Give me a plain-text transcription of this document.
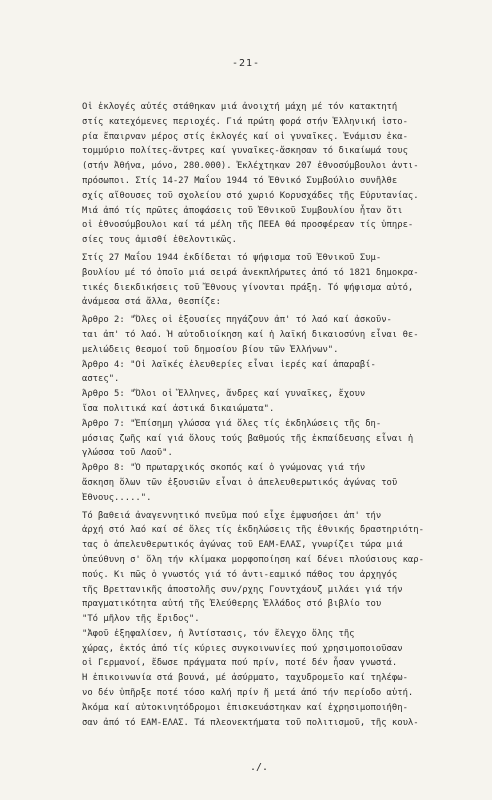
-21-
Οἱ ἐκλογές αὐτές στάθηκαν μιά ἀνοιχτή μάχη μέ τόν κατακτητή
στίς κατεχόμενες περιοχές. Γιά πρώτη φορά στήν Ἑλληνική ἱστο-
ρία ἔπαιρναν μέρος στίς ἐκλογές καί οἱ γυναῖκες. Ἑνάμισυ ἑκα-
τομμύριο πολίτες-ἄντρες καί γυναῖκες-ἄσκησαν τό δικαίωμά τους
(στήν Ἀθήνα, μόνο, 280.000). Ἐκλέχτηκαν 207 ἐθνοσύμβουλοι ἀντι-
πρόσωποι. Στίς 14-27 Μαΐου 1944 τό Ἐθνικό Συμβούλιο συνῆλθε
σχίς αἴθουσες τοῦ σχολείου στό χωριό Κορυσχάδες τῆς Εὐρυτανίας.
Μιά ἀπό τίς πρῶτες ἀποφάσεις τοῦ Ἐθνικοῦ Συμβουλίου ἦταν ὅτι
οἱ ἐθνοσύμβουλοι καί τά μέλη τῆς ΠΕΕΑ θά προσφέρεαν τίς ὑπηρε-
σίες τους ἀμισθί ἐθελοντικῶς.
Στίς 27 Μαΐου 1944 ἐκδίδεται τό ψήφισμα τοῦ Ἐθνικοῦ Συμ-
βουλίου μέ τό ὁποῖο μιά σειρά ἀνεκπλήρωτες ἀπό τό 1821 δημοκρα-
τικές διεκδικήσεις τοῦ Ἔθνους γίνονται πράξη. Τό ψήφισμα αὐτό,
ἀνάμεσα στά ἄλλα, θεσπίζε:
Ἄρθρο 2: "Ὅλες οἱ ἐξουσίες πηγάζουν ἀπ' τό λαό καί ἀσκοῦν-
ται ἀπ' τό λαό. Ἡ αὐτοδιοίκηση καί ἡ λαϊκή δικαιοσύνη εἶναι θε-
μελιώδεις θεσμοί τοῦ δημοσίου βίου τῶν Ἑλλήνων".
Ἄρθρο 4: "Οἱ λαϊκές ἐλευθερίες εἶναι ἱερές καί ἀπαραβί-
αστες".
Ἄρθρο 5: "Ὅλοι οἱ Ἕλληνες, ἄνδρες καί γυναῖκες, ἔχουν
ἴσα πολιτικά καί ἀστικά δικαιώματα".
Ἄρθρο 7: "Ἐπίσημη γλώσσα γιά ὅλες τίς ἐκδηλώσεις τῆς δη-
μόσιας ζωῆς καί γιά ὅλους τούς βαθμούς τῆς ἐκπαίδευσης εἶναι ἡ
γλώσσα τοῦ Λαοῦ".
Ἄρθρο 8: "Ὁ πρωταρχικός σκοπός καί ὁ γνώμονας γιά τήν
ἄσκηση ὅλων τῶν ἐξουσιῶν εἶναι ὁ ἀπελευθερωτικός ἀγώνας τοῦ
Ἔθνους.....".
Τό βαθειά ἀναγεννητικό πνεῦμα πού εἶχε ἐμφυσήσει ἀπ' τήν
ἀρχή στό λαό καί σέ ὅλες τίς ἐκδηλώσεις τῆς ἐθνικής δραστηριότη-
τας ὁ ἀπελευθερωτικός ἀγώνας τοῦ ΕΑΜ-ΕΛΑΣ, γνωρίζει τώρα μιά
ὑπεύθυνη σ' ὅλη τήν κλίμακα μορφοποίηση καί δένει πλούσιους καρ-
πούς. Κι πῶς ὁ γνωστός γιά τό ἀντι-εαμικό πάθος του ἀρχηγός
τῆς Βρεττανικῆς ἀποστολῆς συν/ρχης Γουντχάουζ μιλάει γιά τήν
πραγματικότητα αὐτή τῆς Ἐλεύθερης Ἑλλάδος στό βιβλίο του
"Τό μῆλον τῆς ἔριδος".
"Ἀφοῦ ἐξηφαλίσεν, ἡ Ἀντίστασις, τόν ἔλεγχο ὅλης τῆς
χώρας, ἐκτός ἀπό τίς κύριες συγκοινωνίες πού χρησιμοποιοῦσαν
οἱ Γερμανοί, ἔδωσε πράγματα πού πρίν, ποτέ δέν ἦσαν γνωστά.
Ἡ ἐπικοινωνία στά βουνά, μέ ἀσύρματο, ταχυδρομεῖο καί τηλέφω-
νο δέν ὑπῆρξε ποτέ τόσο καλή πρίν ἤ μετά ἀπό τήν περίοδο αὐτή.
Ἀκόμα καί αὐτοκινητόδρομοι ἐπισκευάστηκαν καί ἐχρησιμοποιήθη-
σαν ἀπό τό ΕΑΜ-ΕΛΑΣ. Τά πλεονεκτήματα τοῦ πολιτισμοῦ, τῆς κουλ-
./.
